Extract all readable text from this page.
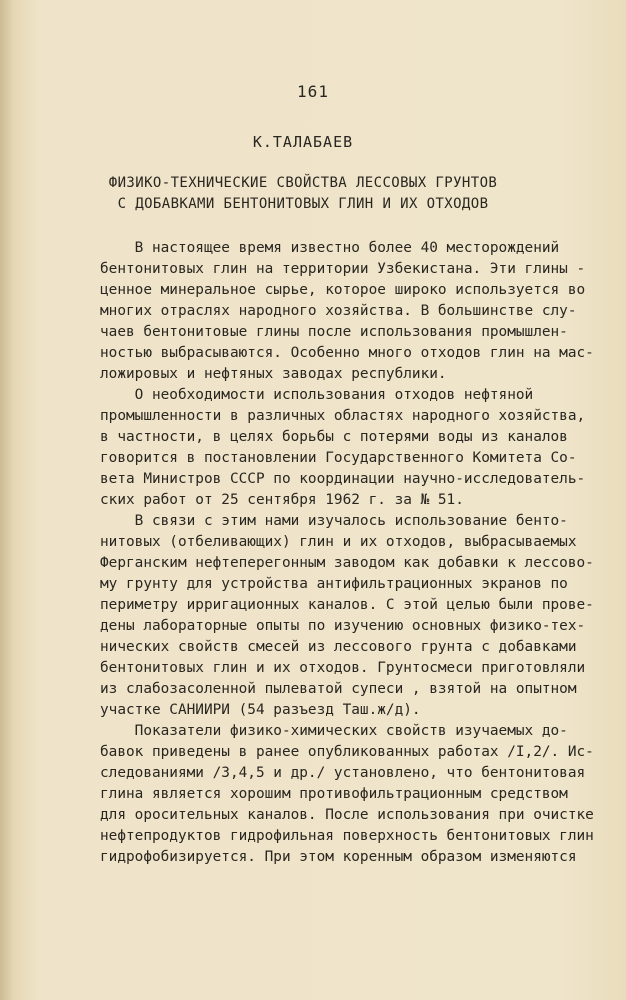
161
К.ТАЛАБАЕВ
ФИЗИКО-ТЕХНИЧЕСКИЕ СВОЙСТВА ЛЕССОВЫХ ГРУНТОВ
С ДОБАВКАМИ БЕНТОНИТОВЫХ ГЛИН И ИХ ОТХОДОВ
В настоящее время известно более 40 месторождений
бентонитовых глин на территории Узбекистана. Эти глины -
ценное минеральное сырье, которое широко используется во
многих отраслях народного хозяйства. В большинстве слу-
чаев бентонитовые глины после использования промышлен-
ностью выбрасываются. Особенно много отходов глин на мас-
ложировых и нефтяных заводах республики.
О необходимости использования отходов нефтяной
промышленности в различных областях народного хозяйства,
в частности, в целях борьбы с потерями воды из каналов
говорится в постановлении Государственного Комитета Со-
вета Министров СССР по координации научно-исследователь-
ских работ от 25 сентября 1962 г. за № 51.
В связи с этим нами изучалось использование бенто-
нитовых (отбеливающих) глин и их отходов, выбрасываемых
Ферганским нефтеперегонным заводом как добавки к лессово-
му грунту для устройства антифильтрационных экранов по
периметру ирригационных каналов. С этой целью были прове-
дены лабораторные опыты по изучению основных физико-тех-
нических свойств смесей из лессового грунта с добавками
бентонитовых глин и их отходов. Грунтосмеси приготовляли
из слабозасоленной пылеватой супеси , взятой на опытном
участке САНИИРИ (54 разъезд Таш.ж/д).
Показатели физико-химических свойств изучаемых до-
бавок приведены в ранее опубликованных работах /I,2/. Ис-
следованиями /3,4,5 и др./ установлено, что бентонитовая
глина является хорошим противофильтрационным средством
для оросительных каналов. После использования при очистке
нефтепродуктов гидрофильная поверхность бентонитовых глин
гидрофобизируется. При этом коренным образом изменяются
